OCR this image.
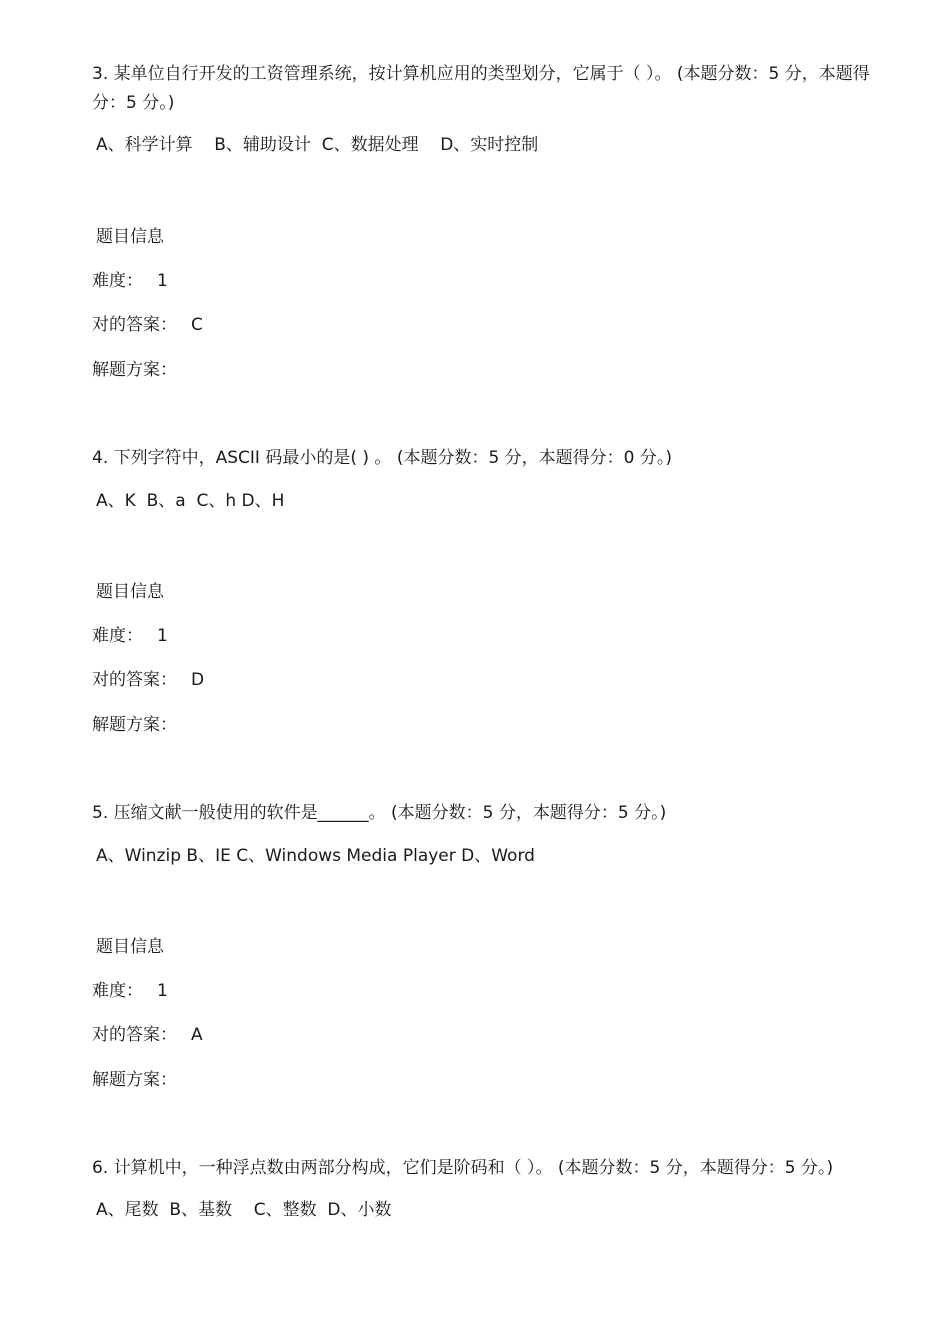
3. 某单位自行开发的工资管理系统，按计算机应用的类型划分，它属于（ ）。 (本题分数：5 分，本题得分：5 分。)
A、科学计算    B、辅助设计  C、数据处理    D、实时控制
题目信息
难度： 1
对的答案： C
解题方案：
4. 下列字符中，ASCII 码最小的是( ) 。 (本题分数：5 分，本题得分：0 分。)
A、K  B、a  C、h D、H
题目信息
难度： 1
对的答案： D
解题方案：
5. 压缩文献一般使用的软件是______。 (本题分数：5 分，本题得分：5 分。)
A、Winzip B、IE C、Windows Media Player D、Word
题目信息
难度： 1
对的答案： A
解题方案：
6. 计算机中，一种浮点数由两部分构成，它们是阶码和（ ）。 (本题分数：5 分，本题得分：5 分。)
A、尾数  B、基数    C、整数  D、小数
